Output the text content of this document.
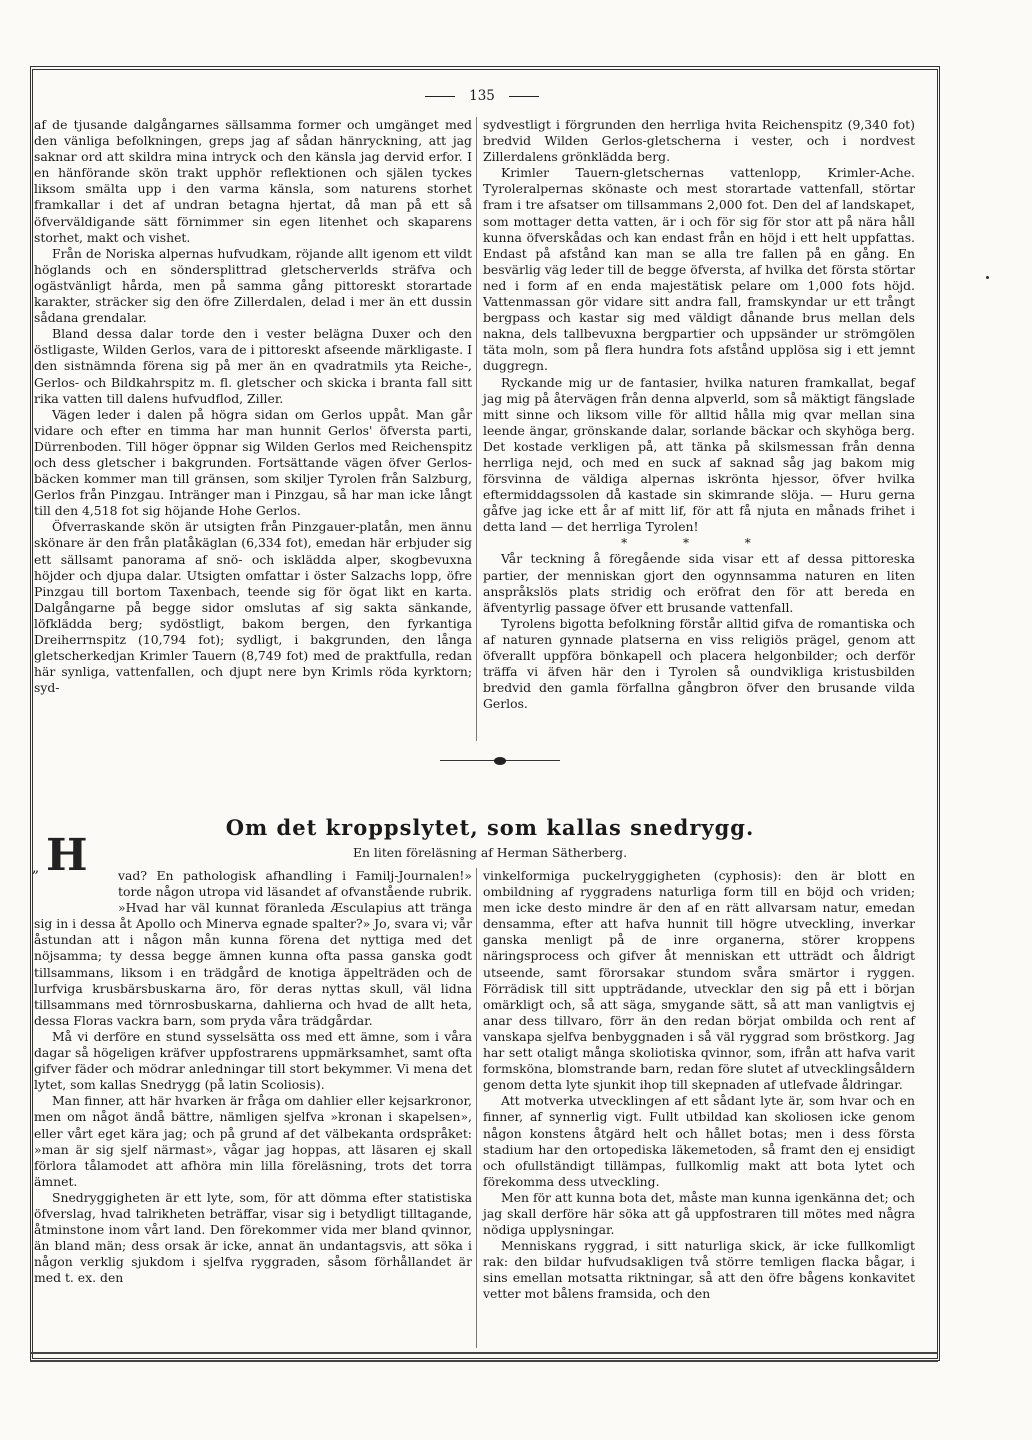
135

af de tjusande dalgångarnes sällsamma former och umgänget med den vänliga befolkningen, greps jag af sådan hänryckning, att jag saknar ord att skildra mina intryck och den känsla jag dervid erfor. I en hänförande skön trakt upphör reflektionen och själen tyckes liksom smälta upp i den varma känsla, som naturens storhet framkallar i det af undran betagna hjertat, då man på ett så öfverväldigande sätt förnimmer sin egen litenhet och skaparens storhet, makt och vishet.

Från de Noriska alpernas hufvudkam, röjande allt igenom ett vildt höglands och en söndersplittrad gletscherverlds sträfva och ogästvänligt hårda, men på samma gång pittoreskt storartade karakter, sträcker sig den öfre Zillerdalen, delad i mer än ett dussin sådana grendalar.

Bland dessa dalar torde den i vester belägna Duxer och den östligaste, Wilden Gerlos, vara de i pittoreskt afseende märkligaste. I den sistnämnda förena sig på mer än en qvadratmils yta Reiche-, Gerlos- och Bildkahrspitz m. fl. gletscher och skicka i branta fall sitt rika vatten till dalens hufvudflod, Ziller.

Vägen leder i dalen på högra sidan om Gerlos uppåt. Man går vidare och efter en timma har man hunnit Gerlos' öfversta parti, Dürrenboden. Till höger öppnar sig Wilden Gerlos med Reichenspitz och dess gletscher i bakgrunden. Fortsättande vägen öfver Gerlos-bäcken kommer man till gränsen, som skiljer Tyrolen från Salzburg, Gerlos från Pinzgau. Intränger man i Pinzgau, så har man icke långt till den 4,518 fot sig höjande Hohe Gerlos.

Öfverraskande skön är utsigten från Pinzgauer-platån, men ännu skönare är den från platåkäglan (6,334 fot), emedan här erbjuder sig ett sällsamt panorama af snö- och isklädda alper, skogbevuxna höjder och djupa dalar. Utsigten omfattar i öster Salzachs lopp, öfre Pinzgau till bortom Taxenbach, teende sig för ögat likt en karta. Dalgångarne på begge sidor omslutas af sig sakta sänkande, löfklädda berg; sydöstligt, bakom bergen, den fyrkantiga Dreiherrnspitz (10,794 fot); sydligt, i bakgrunden, den långa gletscherkedjan Krimler Tauern (8,749 fot) med de praktfulla, redan här synliga, vattenfallen, och djupt nere byn Krimls röda kyrktorn; syd-

sydvestligt i förgrunden den herrliga hvita Reichenspitz (9,340 fot) bredvid Wilden Gerlos-gletscherna i vester, och i nordvest Zillerdalens grönklädda berg.

Krimler Tauern-gletschernas vattenlopp, Krimler-Ache. Tyroleralpernas skönaste och mest storartade vattenfall, störtar fram i tre afsatser om tillsammans 2,000 fot. Den del af landskapet, som mottager detta vatten, är i och för sig för stor att på nära håll kunna öfverskådas och kan endast från en höjd i ett helt uppfattas. Endast på afstånd kan man se alla tre fallen på en gång. En besvärlig väg leder till de begge öfversta, af hvilka det första störtar ned i form af en enda majestätisk pelare om 1,000 fots höjd. Vattenmassan gör vidare sitt andra fall, framskyndar ur ett trångt bergpass och kastar sig med väldigt dånande brus mellan dels nakna, dels tallbevuxna bergpartier och uppsänder ur strömgölen täta moln, som på flera hundra fots afstånd upplösa sig i ett jemnt duggregn.

Ryckande mig ur de fantasier, hvilka naturen framkallat, begaf jag mig på återvägen från denna alpverld, som så mäktigt fängslade mitt sinne och liksom ville för alltid hålla mig qvar mellan sina leende ängar, grönskande dalar, sorlande bäckar och skyhöga berg. Det kostade verkligen på, att tänka på skilsmessan från denna herrliga nejd, och med en suck af saknad såg jag bakom mig försvinna de väldiga alpernas iskrönta hjessor, öfver hvilka eftermiddagssolen då kastade sin skimrande slöja. — Huru gerna gåfve jag icke ett år af mitt lif, för att få njuta en månads frihet i detta land — det herrliga Tyrolen!

* * *

Vår teckning å föregående sida visar ett af dessa pittoreska partier, der menniskan gjort den ogynnsamma naturen en liten anspråkslös plats stridig och eröfrat den för att bereda en äfventyrlig passage öfver ett brusande vattenfall.

Tyrolens bigotta befolkning förstår alltid gifva de romantiska och af naturen gynnade platserna en viss religiös prägel, genom att öfverallt uppföra bönkapell och placera helgonbilder; och derför träffa vi äfven här den i Tyrolen så oundvikliga kristusbilden bredvid den gamla förfallna gångbron öfver den brusande vilda Gerlos.

Om det kroppslytet, som kallas snedrygg.
En liten föreläsning af Herman Sätherberg.
„ H	vad? En pathologisk afhandling i Familj-Journalen!» torde någon utropa vid läsandet af ofvanstående rubrik. »Hvad har väl kunnat föranleda Æsculapius att tränga sig in i dessa åt Apollo och Minerva egnade spalter?» Jo, svara vi; vår åstundan att i någon mån kunna förena det nyttiga med det nöjsamma; ty dessa begge ämnen kunna ofta passa ganska godt tillsammans, liksom i en trädgård de knotiga äppelträden och de lurfviga krusbärsbuskarna äro, för deras nyttas skull, väl lidna tillsammans med törnrosbuskarna, dahlierna och hvad de allt heta, dessa Floras vackra barn, som pryda våra trädgårdar.

Må vi derföre en stund sysselsätta oss med ett ämne, som i våra dagar så högeligen kräfver uppfostrarens uppmärksamhet, samt ofta gifver fäder och mödrar anledningar till stort bekymmer. Vi mena det lytet, som kallas Snedrygg (på latin Scoliosis).

Man finner, att här hvarken är fråga om dahlier eller kejsarkronor, men om något ändå bättre, nämligen sjelfva »kronan i skapelsen», eller vårt eget kära jag; och på grund af det välbekanta ordspråket: »man är sig sjelf närmast», vågar jag hoppas, att läsaren ej skall förlora tålamodet att afhöra min lilla föreläsning, trots det torra ämnet.

Snedryggigheten är ett lyte, som, för att dömma efter statistiska öfverslag, hvad talrikheten beträffar, visar sig i betydligt tilltagande, åtminstone inom vårt land. Den förekommer vida mer bland qvinnor, än bland män; dess orsak är icke, annat än undantagsvis, att söka i någon verklig sjukdom i sjelfva ryggraden, såsom förhållandet är med t. ex. den

vinkelformiga puckelryggigheten (cyphosis): den är blott en ombildning af ryggradens naturliga form till en böjd och vriden; men icke desto mindre är den af en rätt allvarsam natur, emedan densamma, efter att hafva hunnit till högre utveckling, inverkar ganska menligt på de inre organerna, störer kroppens näringsprocess och gifver åt menniskan ett utträdt och åldrigt utseende, samt förorsakar stundom svåra smärtor i ryggen. Förrädisk till sitt uppträdande, utvecklar den sig på ett i början omärkligt och, så att säga, smygande sätt, så att man vanligtvis ej anar dess tillvaro, förr än den redan börjat ombilda och rent af vanskapa sjelfva benbyggnaden i så väl ryggrad som bröstkorg. Jag har sett otaligt många skoliotiska qvinnor, som, ifrån att hafva varit formsköna, blomstrande barn, redan före slutet af utvecklingsåldern genom detta lyte sjunkit ihop till skepnaden af utlefvade åldringar.

Att motverka utvecklingen af ett sådant lyte är, som hvar och en finner, af synnerlig vigt. Fullt utbildad kan skoliosen icke genom någon konstens åtgärd helt och hållet botas; men i dess första stadium har den ortopediska läkemetoden, så framt den ej ensidigt och ofullständigt tillämpas, fullkomlig makt att bota lytet och förekomma dess utveckling.

Men för att kunna bota det, måste man kunna igenkänna det; och jag skall derföre här söka att gå uppfostraren till mötes med några nödiga upplysningar.

Menniskans ryggrad, i sitt naturliga skick, är icke fullkomligt rak: den bildar hufvudsakligen två större temligen flacka bågar, i sins emellan motsatta riktningar, så att den öfre bågens konkavitet vetter mot bålens framsida, och den
